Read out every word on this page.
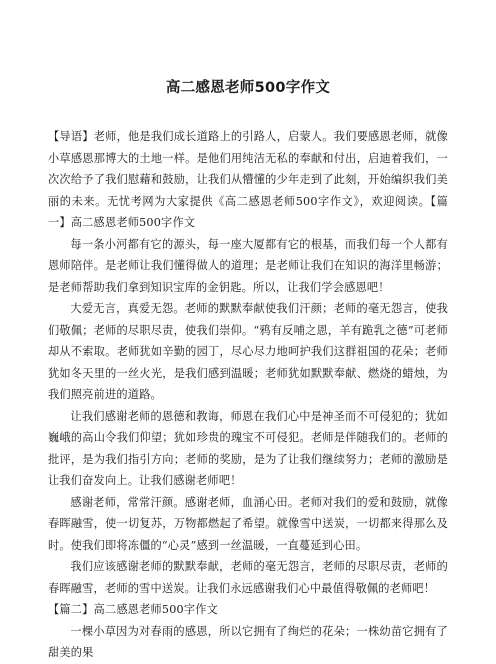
高二感恩老师500字作文

【导语】老师，他是我们成长道路上的引路人，启蒙人。我们要感恩老师，就像小草感恩那博大的土地一样。是他们用纯洁无私的奉献和付出，启迪着我们，一次次给予了我们慰藉和鼓励，让我们从懵懂的少年走到了此刻，开始编织我们美丽的未来。无忧考网为大家提供《高二感恩老师500字作文》，欢迎阅读。【篇一】高二感恩老师500字作文

每一条小河都有它的源头，每一座大厦都有它的根基，而我们每一个人都有恩师陪伴。是老师让我们懂得做人的道理；是老师让我们在知识的海洋里畅游；是老师帮助我们拿到知识宝库的金钥匙。所以，让我们学会感恩吧！

大爱无言，真爱无怨。老师的默默奉献使我们汗颜；老师的毫无怨言，使我们敬佩；老师的尽职尽责，使我们崇仰。“鸦有反哺之恩，羊有跪乳之德”可老师却从不索取。老师犹如辛勤的园丁，尽心尽力地呵护我们这群祖国的花朵；老师犹如冬天里的一丝火光，是我们感到温暖；老师犹如默默奉献、燃烧的蜡烛，为我们照亮前进的道路。

让我们感谢老师的恩德和教诲，师恩在我们心中是神圣而不可侵犯的；犹如巍峨的高山令我们仰望；犹如珍贵的瑰宝不可侵犯。老师是伴随我们的。老师的批评，是为我们指引方向；老师的奖励，是为了让我们继续努力；老师的激励是让我们奋发向上。让我们感谢老师吧！

感谢老师，常常汗颜。感谢老师，血涌心田。老师对我们的爱和鼓励，就像春晖融雪，使一切复苏，万物都燃起了希望。就像雪中送炭，一切都来得那么及时。使我们即将冻僵的“心灵”感到一丝温暖，一直蔓延到心田。

我们应该感谢老师的默默奉献，老师的毫无怨言，老师的尽职尽责，老师的春晖融雪，老师的雪中送炭。让我们永远感谢我们心中最值得敬佩的老师吧！

【篇二】高二感恩老师500字作文

一棵小草因为对春雨的感恩，所以它拥有了绚烂的花朵；一株幼苗它拥有了甜美的果
